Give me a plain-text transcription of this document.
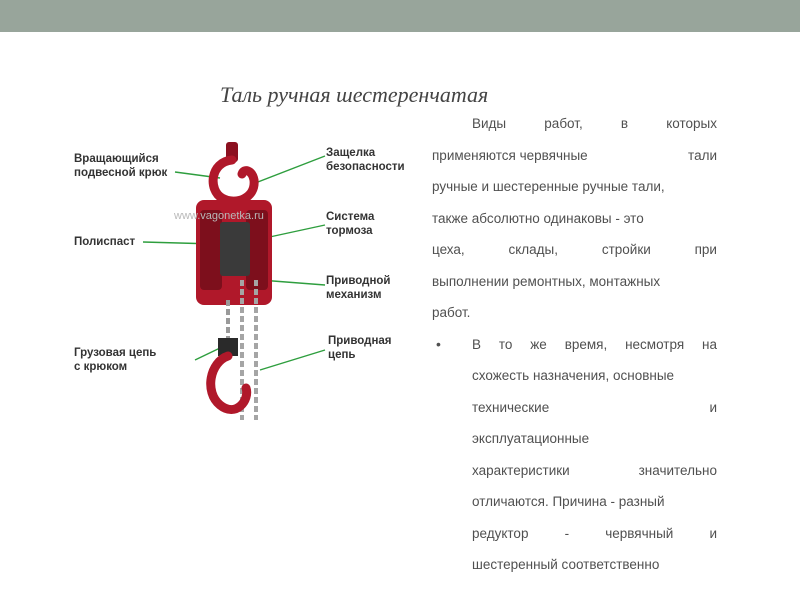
Таль ручная шестеренчатая
www.vagonetka.ru
Вращающийся
подвесной крюк
Защелка
безопасности
Полиспаст
Система
тормоза
Приводной
механизм
Грузовая цепь
с крюком
Приводная
цепь
Виды	работ,	в	которых
применяются червячные	тали
ручные и шестеренные ручные тали,
также абсолютно одинаковы - это
цеха,	склады,	стройки	при
выполнении ремонтных, монтажных
работ.
• В то же время, несмотря на
схожесть назначения, основные
технические	и
эксплуатационные
характеристики	значительно
отличаются. Причина - разный
редуктор	-	червячный	и
шестеренный соответственно
